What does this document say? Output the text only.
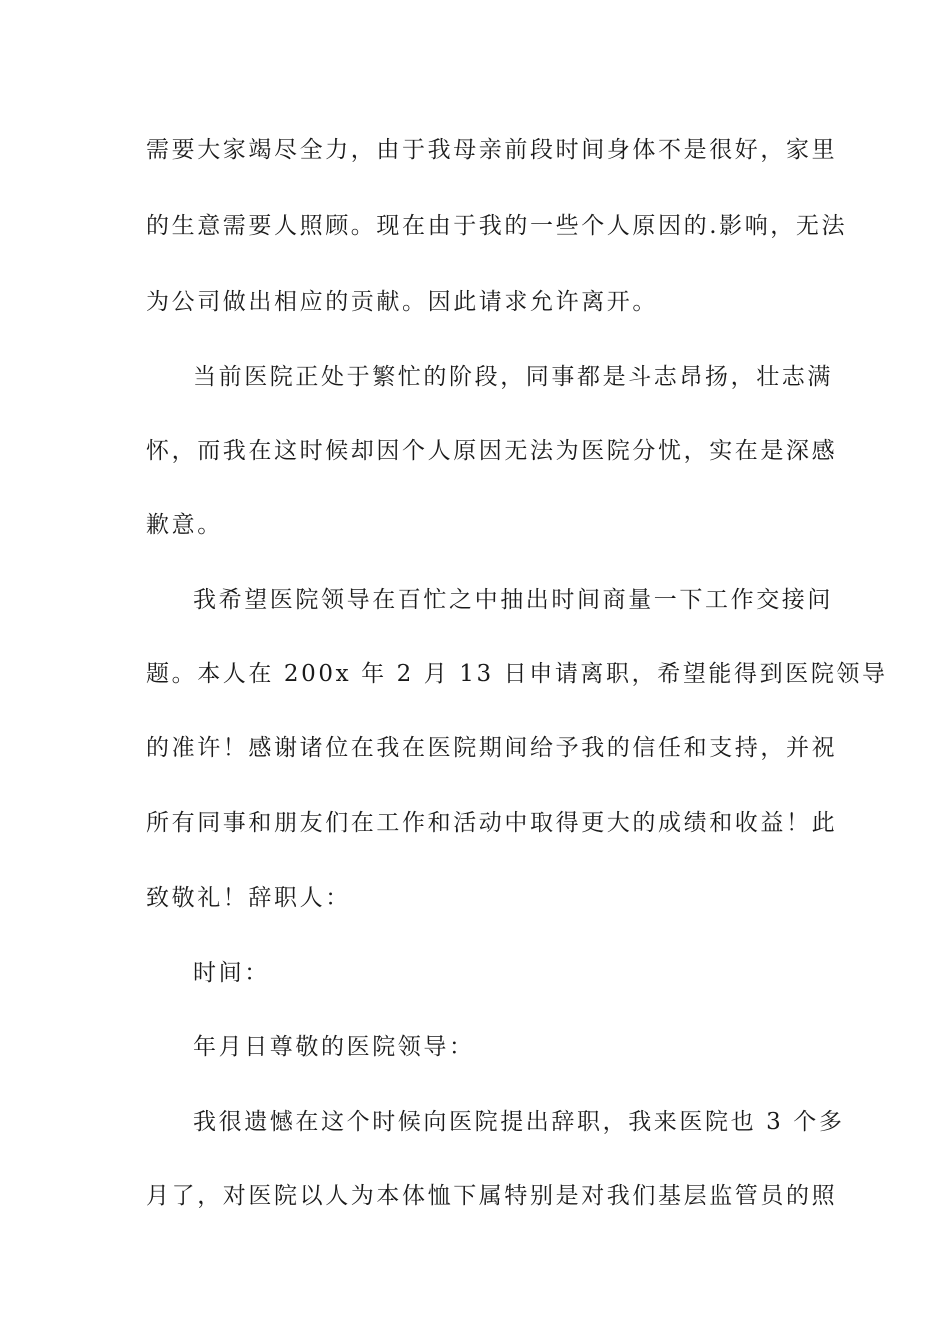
需要大家竭尽全力，由于我母亲前段时间身体不是很好，家里
的生意需要人照顾。现在由于我的一些个人原因的.影响，无法
为公司做出相应的贡献。因此请求允许离开。
当前医院正处于繁忙的阶段，同事都是斗志昂扬，壮志满
怀，而我在这时候却因个人原因无法为医院分忧，实在是深感
歉意。
我希望医院领导在百忙之中抽出时间商量一下工作交接问
题。本人在 200x 年 2 月 13 日申请离职，希望能得到医院领导
的准许！感谢诸位在我在医院期间给予我的信任和支持，并祝
所有同事和朋友们在工作和活动中取得更大的成绩和收益！此
致敬礼！辞职人：
时间：
年月日尊敬的医院领导：
我很遗憾在这个时候向医院提出辞职，我来医院也 3 个多
月了，对医院以人为本体恤下属特别是对我们基层监管员的照
